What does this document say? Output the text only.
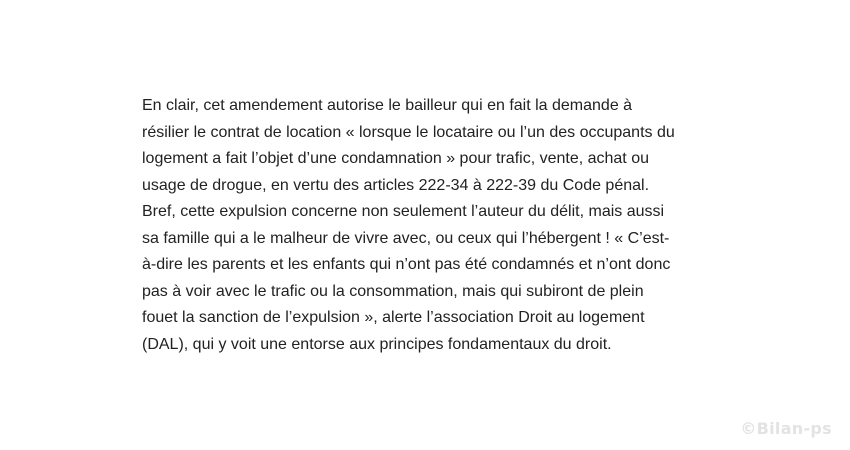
En clair, cet amendement autorise le bailleur qui en fait la demande à
résilier le contrat de location « lorsque le locataire ou l’un des occupants du
logement a fait l’objet d’une condamnation » pour trafic, vente, achat ou
usage de drogue, en vertu des articles 222-34 à 222-39 du Code pénal.
Bref, cette expulsion concerne non seulement l’auteur du délit, mais aussi
sa famille qui a le malheur de vivre avec, ou ceux qui l’hébergent ! « C’est-
à-dire les parents et les enfants qui n’ont pas été condamnés et n’ont donc
pas à voir avec le trafic ou la consommation, mais qui subiront de plein
fouet la sanction de l’expulsion », alerte l’association Droit au logement
(DAL), qui y voit une entorse aux principes fondamentaux du droit.

©Bilan-ps
